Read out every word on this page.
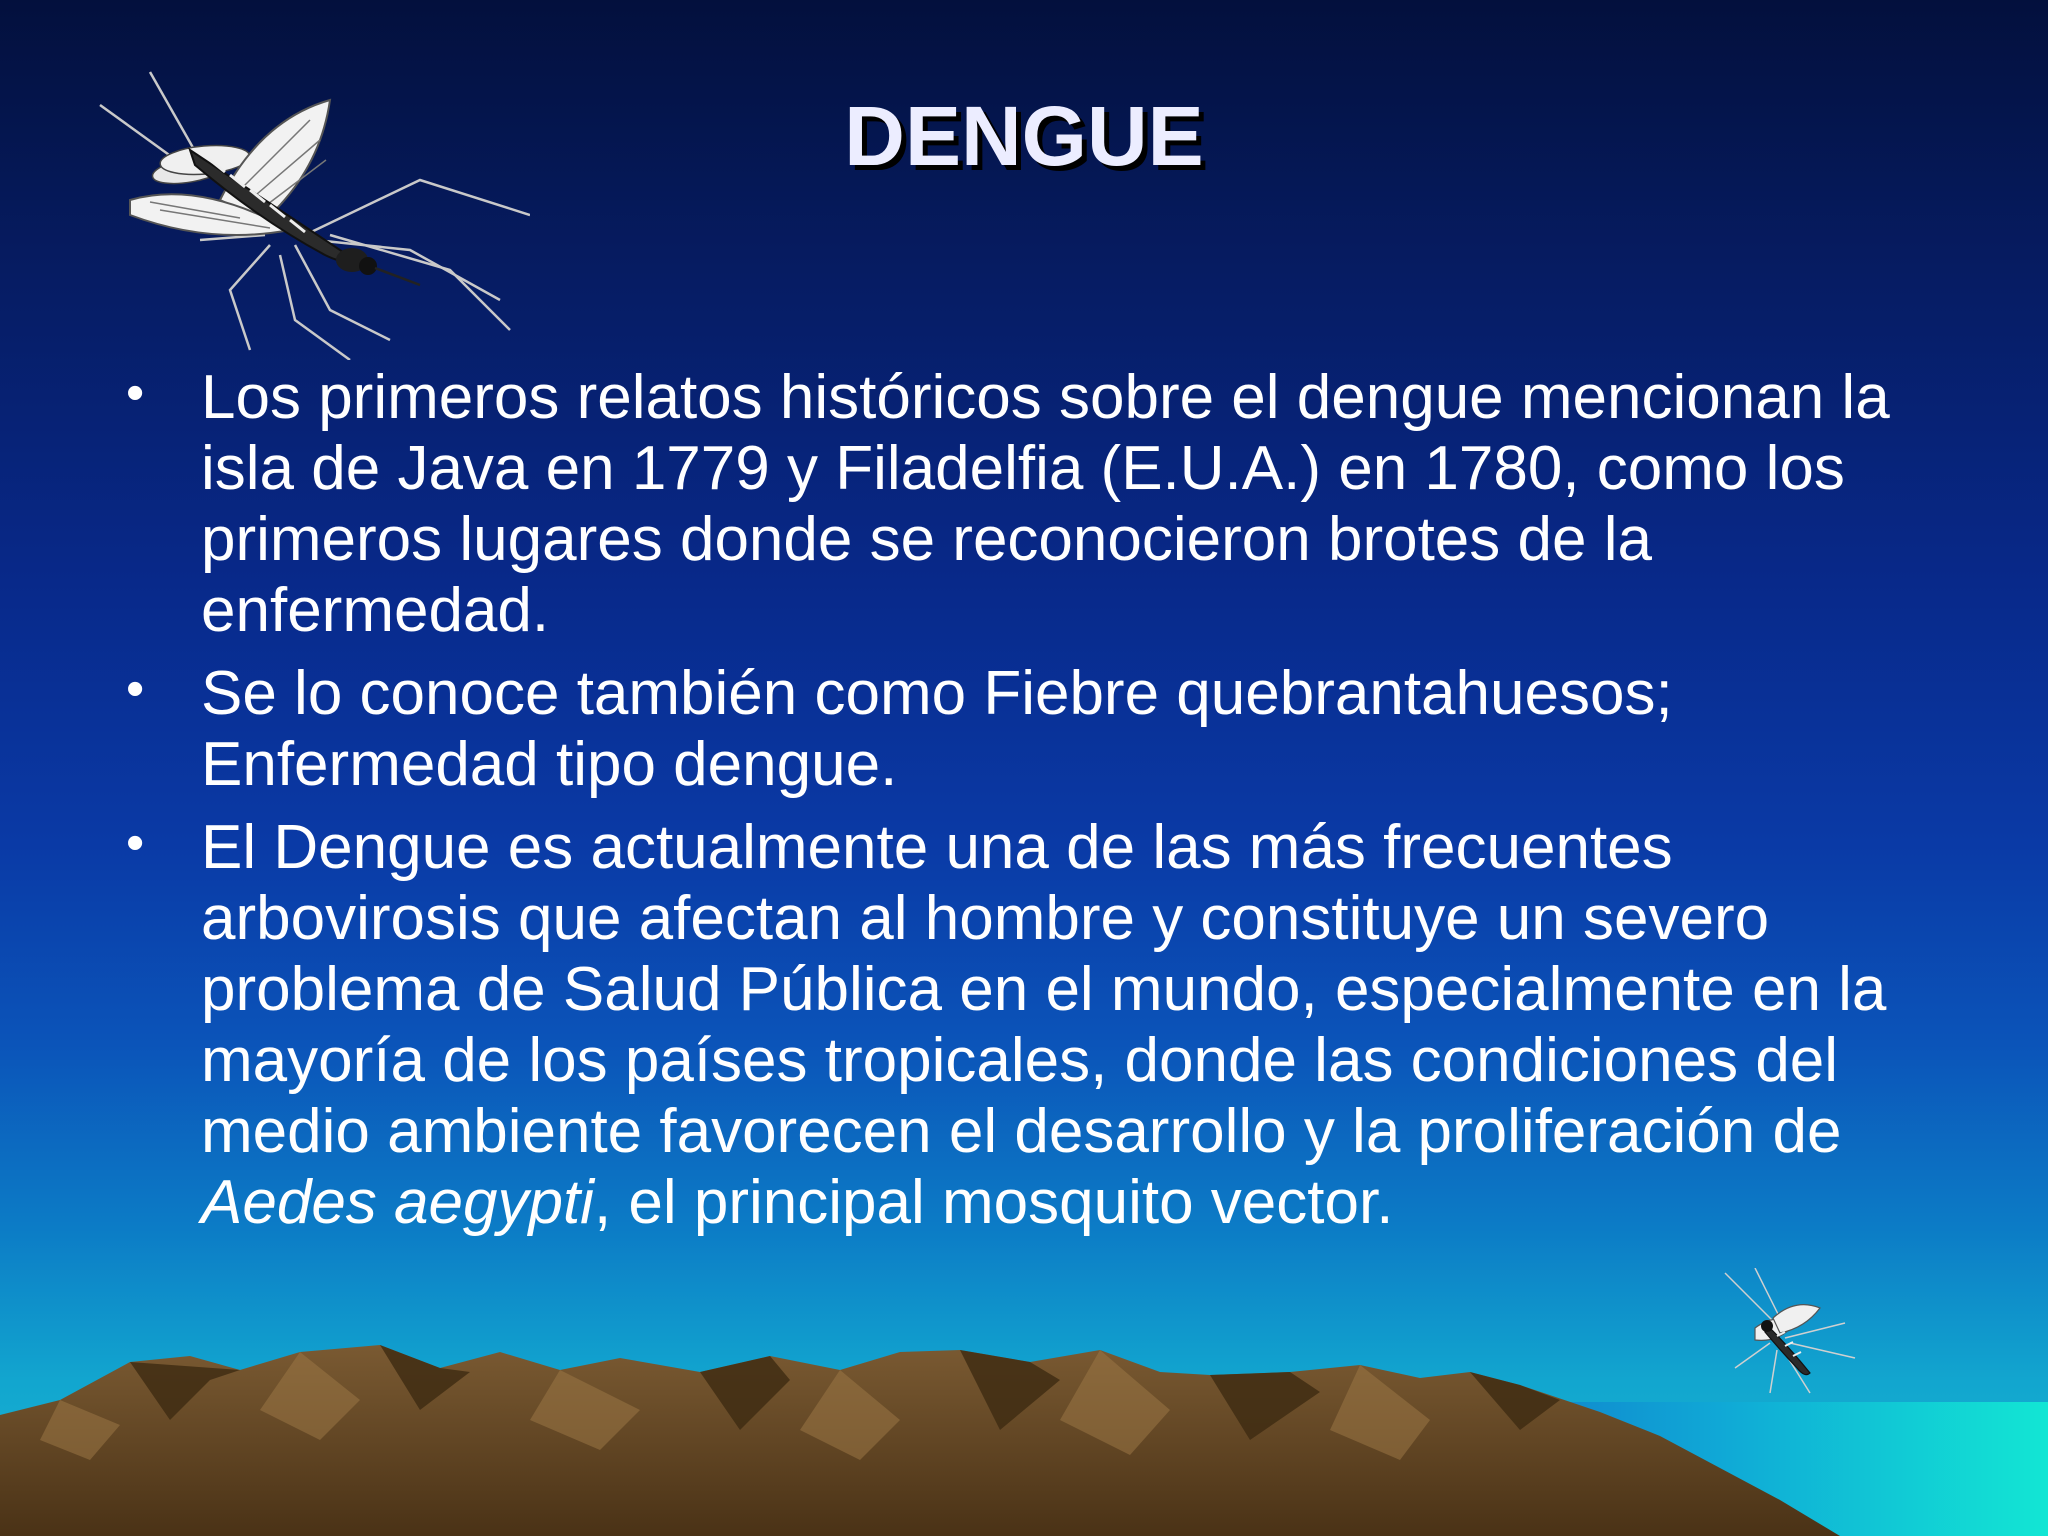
DENGUE
• Los primeros relatos históricos sobre el dengue mencionan la isla de Java en 1779 y Filadelfia (E.U.A.) en 1780, como los primeros lugares donde se reconocieron brotes de la enfermedad.
• Se lo conoce también como Fiebre quebrantahuesos; Enfermedad tipo dengue.
• El Dengue es actualmente una de las más frecuentes arbovirosis que afectan al hombre y constituye un severo problema de Salud Pública en el mundo, especialmente en la mayoría de los países tropicales, donde las condiciones del medio ambiente favorecen el desarrollo y la proliferación de Aedes aegypti, el principal mosquito vector.
